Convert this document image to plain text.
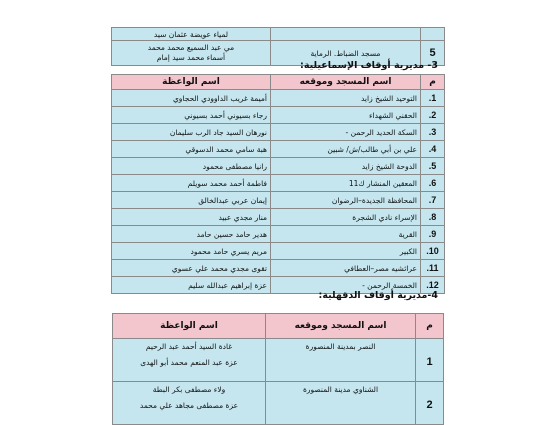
		لمياء عويضة عثمان سيد
5	مسجد الضباط. الرماية	مي عبد السميع محمد محمد
أسماء محمد سيد إمام
3- مديرية أوقاف الإسماعيلية:
م	اسم المسجد وموقعه	اسم الواعظة
1.	التوحيد الشيخ زايد	أميمة غريب الداوودي الحجاوي
2.	الحقني الشهداء	رجاء بسيوني أحمد بسيوني
3.	السكة الحديد الرحمن -	نورهان السيد جاد الرب سليمان
4.	علي بن أبي طالب/ش/ شبين	هبة سامي محمد الدسوقي
5.	الدوحة الشيخ زايد	رانيا مصطفى محمود
6.	المعقين المنشار ك11	فاطمة أحمد محمد سويلم
7.	المحافظة الجديدة–الرضوان	إيمان عربي عبدالخالق
8.	الإسراء نادي الشجرة	منار مجدي عبيد
9.	القرية	هدير حامد حسين حامد
10.	الكبير	مريم يسري حامد محمود
11.	عرائشيه مصر–العطافي	تقوى مجدي محمد علي عسوي
12.	الخمسة الرحمن -	عزة إبراهيم عبدالله سليم
4-مديرية أوقاف الدقهلية:
م	اسم المسجد وموقعه	اسم الواعظة
1	النصر بمدينة المنصورة	غادة السيد أحمد عبد الرحيم
عزة عبد المنعم محمد أبو الهدى

2	الشناوي مدينة المنصورة	ولاء مصطفى بكر البطة
عزة مصطفى مجاهد علي محمد
